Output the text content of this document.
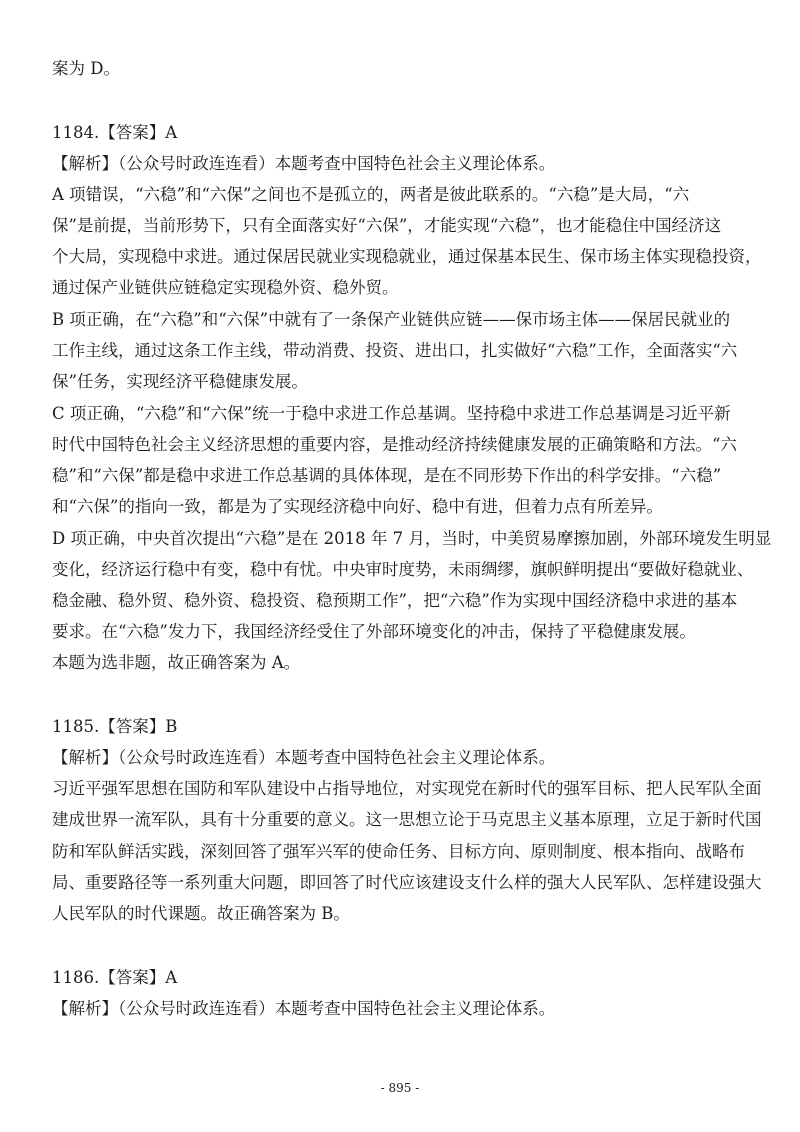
案为 D。
1184.【答案】A
【解析】（公众号时政连连看）本题考查中国特色社会主义理论体系。
A 项错误，“六稳”和“六保”之间也不是孤立的，两者是彼此联系的。“六稳”是大局，“六
保”是前提，当前形势下，只有全面落实好“六保”，才能实现“六稳”，也才能稳住中国经济这
个大局，实现稳中求进。通过保居民就业实现稳就业，通过保基本民生、保市场主体实现稳投资，
通过保产业链供应链稳定实现稳外资、稳外贸。
B 项正确，在“六稳”和“六保”中就有了一条保产业链供应链——保市场主体——保居民就业的
工作主线，通过这条工作主线，带动消费、投资、进出口，扎实做好“六稳”工作，全面落实“六
保”任务，实现经济平稳健康发展。
C 项正确，“六稳”和“六保”统一于稳中求进工作总基调。坚持稳中求进工作总基调是习近平新
时代中国特色社会主义经济思想的重要内容，是推动经济持续健康发展的正确策略和方法。“六
稳”和“六保”都是稳中求进工作总基调的具体体现，是在不同形势下作出的科学安排。“六稳”
和“六保”的指向一致，都是为了实现经济稳中向好、稳中有进，但着力点有所差异。
D 项正确，中央首次提出“六稳”是在 2018 年 7 月，当时，中美贸易摩擦加剧，外部环境发生明显
变化，经济运行稳中有变，稳中有忧。中央审时度势，未雨绸缪，旗帜鲜明提出“要做好稳就业、
稳金融、稳外贸、稳外资、稳投资、稳预期工作”，把“六稳”作为实现中国经济稳中求进的基本
要求。在“六稳”发力下，我国经济经受住了外部环境变化的冲击，保持了平稳健康发展。
本题为选非题，故正确答案为 A。
1185.【答案】B
【解析】（公众号时政连连看）本题考查中国特色社会主义理论体系。
习近平强军思想在国防和军队建设中占指导地位，对实现党在新时代的强军目标、把人民军队全面
建成世界一流军队，具有十分重要的意义。这一思想立论于马克思主义基本原理，立足于新时代国
防和军队鲜活实践，深刻回答了强军兴军的使命任务、目标方向、原则制度、根本指向、战略布
局、重要路径等一系列重大问题，即回答了时代应该建设支什么样的强大人民军队、怎样建设强大
人民军队的时代课题。故正确答案为 B。
1186.【答案】A
【解析】（公众号时政连连看）本题考查中国特色社会主义理论体系。
- 895 -
